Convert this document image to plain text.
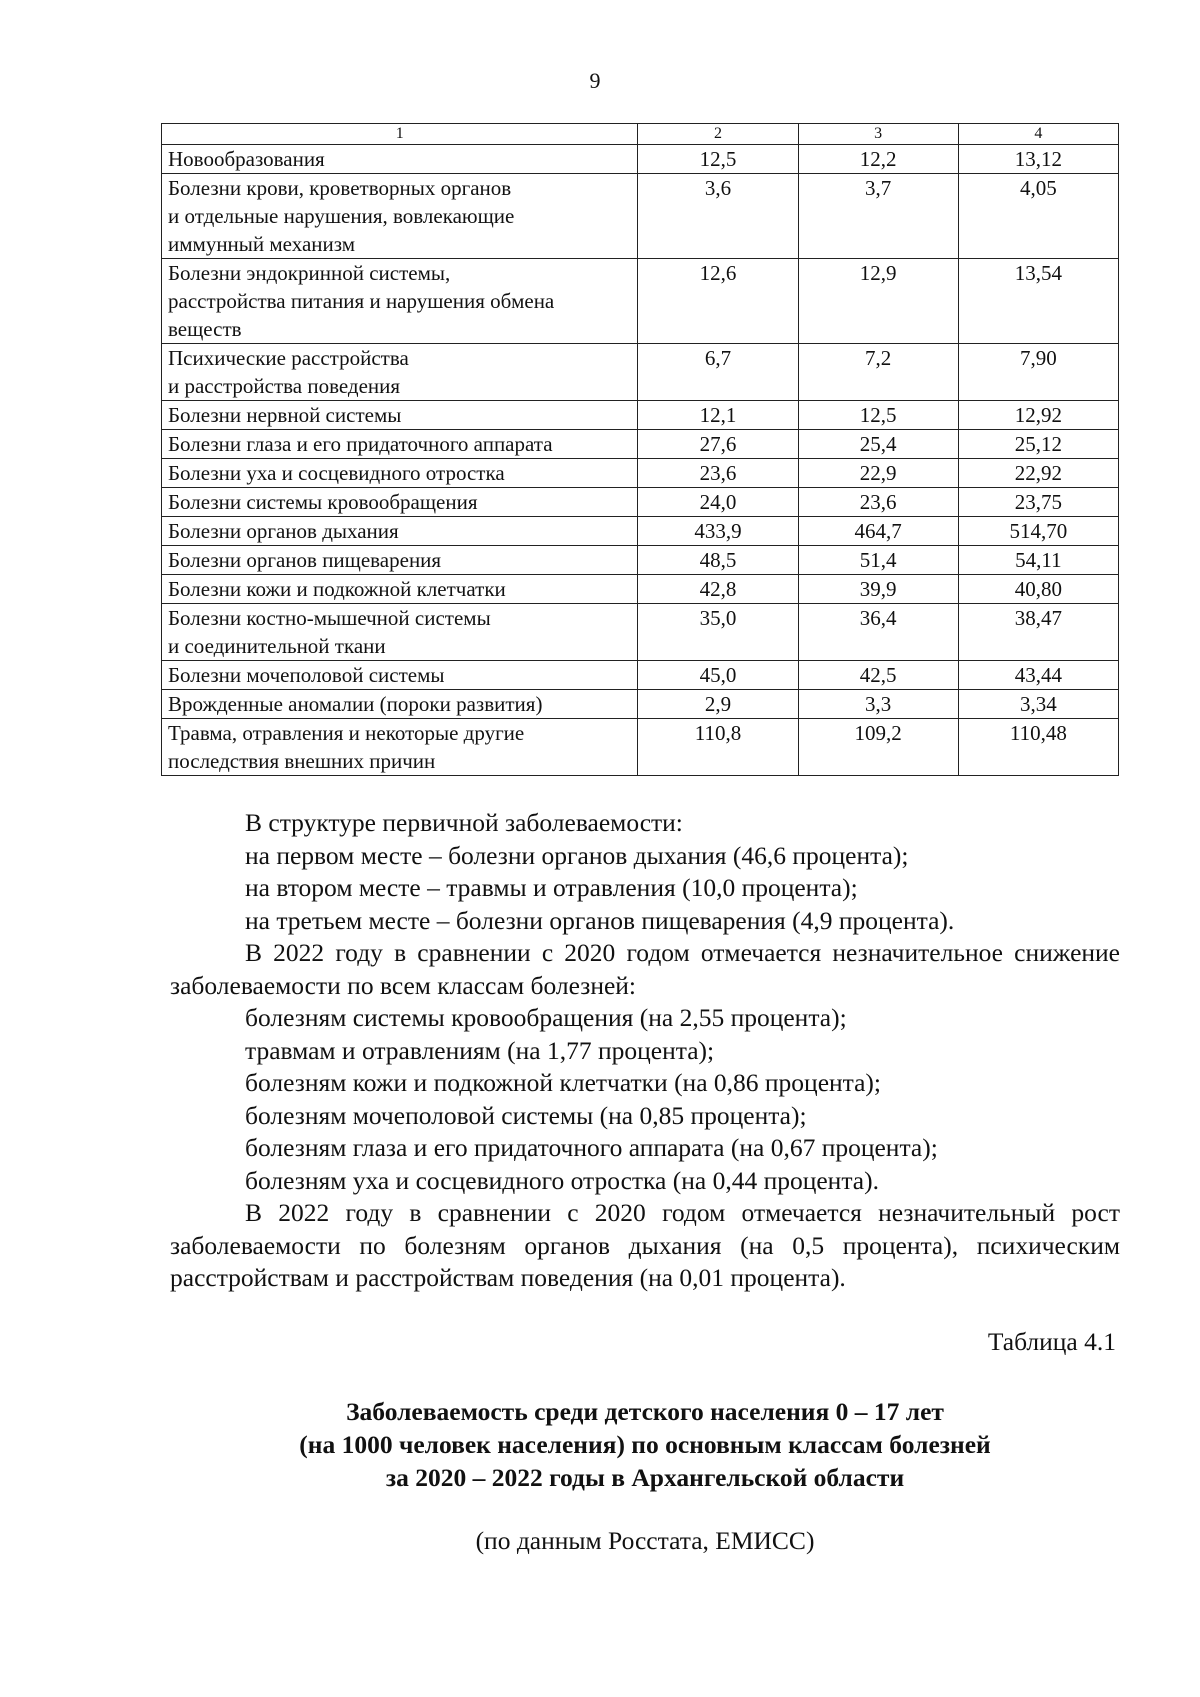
9
1	2	3	4
Новообразования	12,5	12,2	13,12
Болезни крови, кроветворных органов
и отдельные нарушения, вовлекающие
иммунный механизм	3,6	3,7	4,05
Болезни эндокринной системы,
расстройства питания и нарушения обмена
веществ	12,6	12,9	13,54
Психические расстройства
и расстройства поведения	6,7	7,2	7,90
Болезни нервной системы	12,1	12,5	12,92
Болезни глаза и его придаточного аппарата	27,6	25,4	25,12
Болезни уха и сосцевидного отростка	23,6	22,9	22,92
Болезни системы кровообращения	24,0	23,6	23,75
Болезни органов дыхания	433,9	464,7	514,70
Болезни органов пищеварения	48,5	51,4	54,11
Болезни кожи и подкожной клетчатки	42,8	39,9	40,80
Болезни костно-мышечной системы
и соединительной ткани	35,0	36,4	38,47
Болезни мочеполовой системы	45,0	42,5	43,44
Врожденные аномалии (пороки развития)	2,9	3,3	3,34
Травма, отравления и некоторые другие
последствия внешних причин	110,8	109,2	110,48

В структуре первичной заболеваемости:

на первом месте – болезни органов дыхания (46,6 процента);

на втором месте – травмы и отравления (10,0 процента);

на третьем месте – болезни органов пищеварения (4,9 процента).

В 2022 году в сравнении с 2020 годом отмечается незначительное снижение заболеваемости по всем классам болезней:

болезням системы кровообращения (на 2,55 процента);

травмам и отравлениям (на 1,77 процента);

болезням кожи и подкожной клетчатки (на 0,86 процента);

болезням мочеполовой системы (на 0,85 процента);

болезням глаза и его придаточного аппарата (на 0,67 процента);

болезням уха и сосцевидного отростка (на 0,44 процента).

В 2022 году в сравнении с 2020 годом отмечается незначительный рост заболеваемости по болезням органов дыхания (на 0,5 процента), психическим расстройствам и расстройствам поведения (на 0,01 процента).

Таблица 4.1
Заболеваемость среди детского населения 0 – 17 лет
(на 1000 человек населения) по основным классам болезней
за 2020 – 2022 годы в Архангельской области
(по данным Росстата, ЕМИСС)
